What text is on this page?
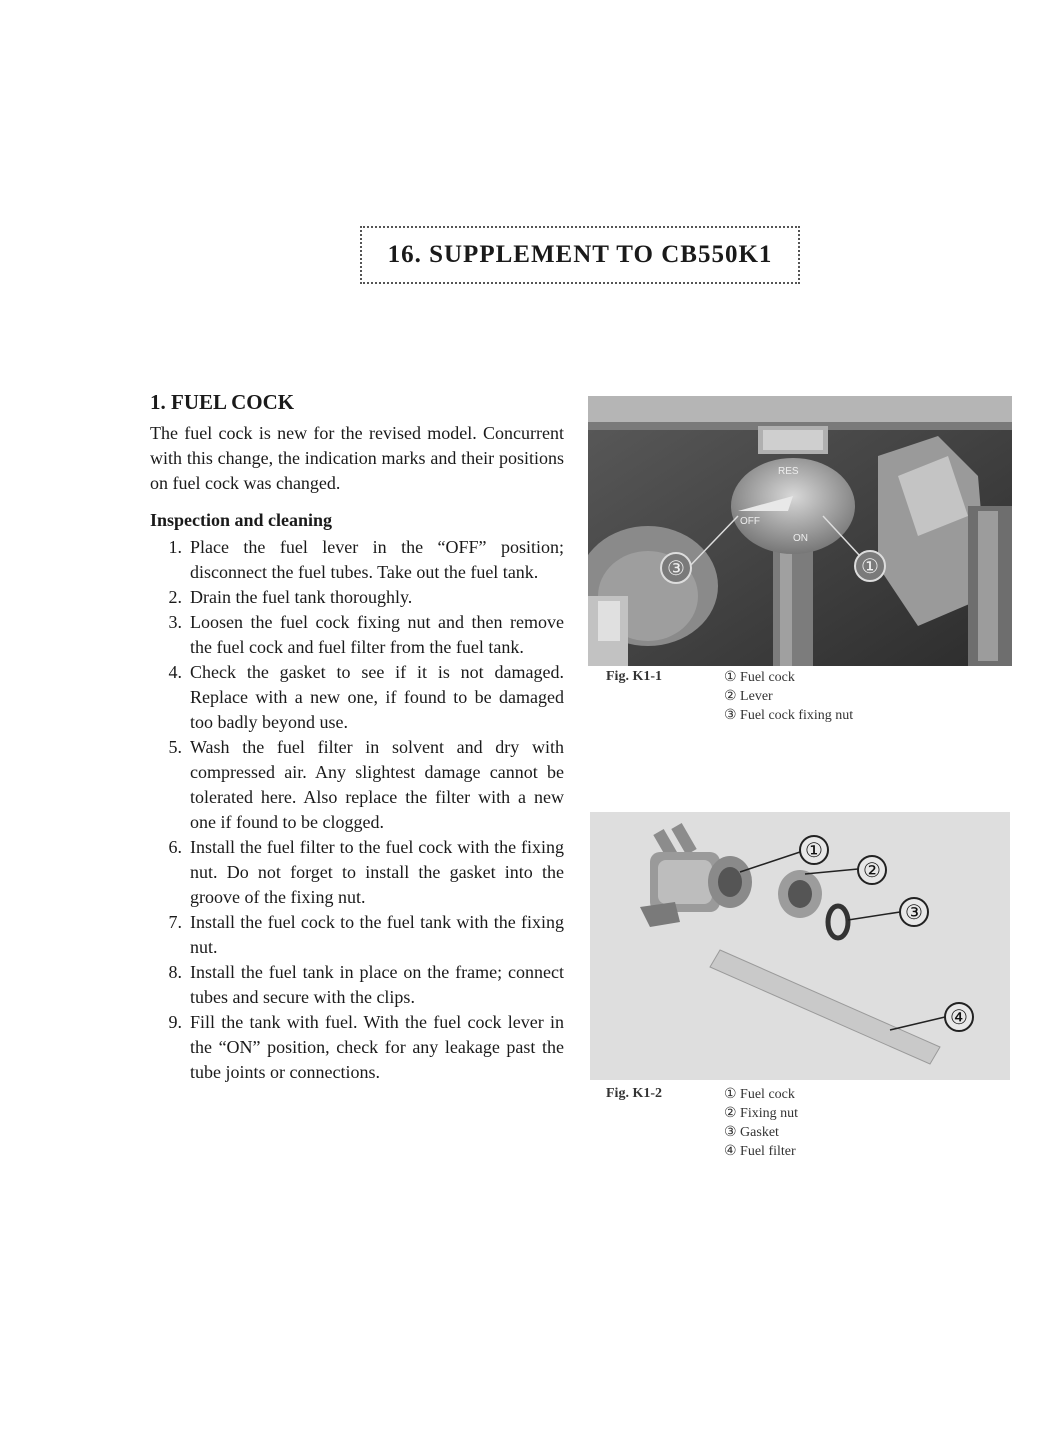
16. SUPPLEMENT TO CB550K1
1. FUEL COCK

The fuel cock is new for the revised model. Concurrent with this change, the indication marks and their positions on fuel cock was changed.

Inspection and cleaning
1. Place the fuel lever in the “OFF” position; disconnect the fuel tubes. Take out the fuel tank.
2. Drain the fuel tank thoroughly.
3. Loosen the fuel cock fixing nut and then remove the fuel cock and fuel filter from the fuel tank.
4. Check the gasket to see if it is not damaged. Replace with a new one, if found to be damaged too badly beyond use.
5. Wash the fuel filter in solvent and dry with compressed air. Any slightest damage cannot be tolerated here. Also replace the filter with a new one if found to be clogged.
6. Install the fuel filter to the fuel cock with the fixing nut. Do not forget to install the gasket into the groove of the fixing nut.
7. Install the fuel cock to the fuel tank with the fixing nut.
8. Install the fuel tank in place on the frame; connect tubes and secure with the clips.
9. Fill the tank with fuel. With the fuel cock lever in the “ON” position, check for any leakage past the tube joints or connections.
RES
OFF
ON
③	①
Fig. K1-1	① Fuel cock
② Lever
③ Fuel cock fixing nut
①
②
③
④
Fig. K1-2	① Fuel cock
② Fixing nut
③ Gasket
④ Fuel filter
